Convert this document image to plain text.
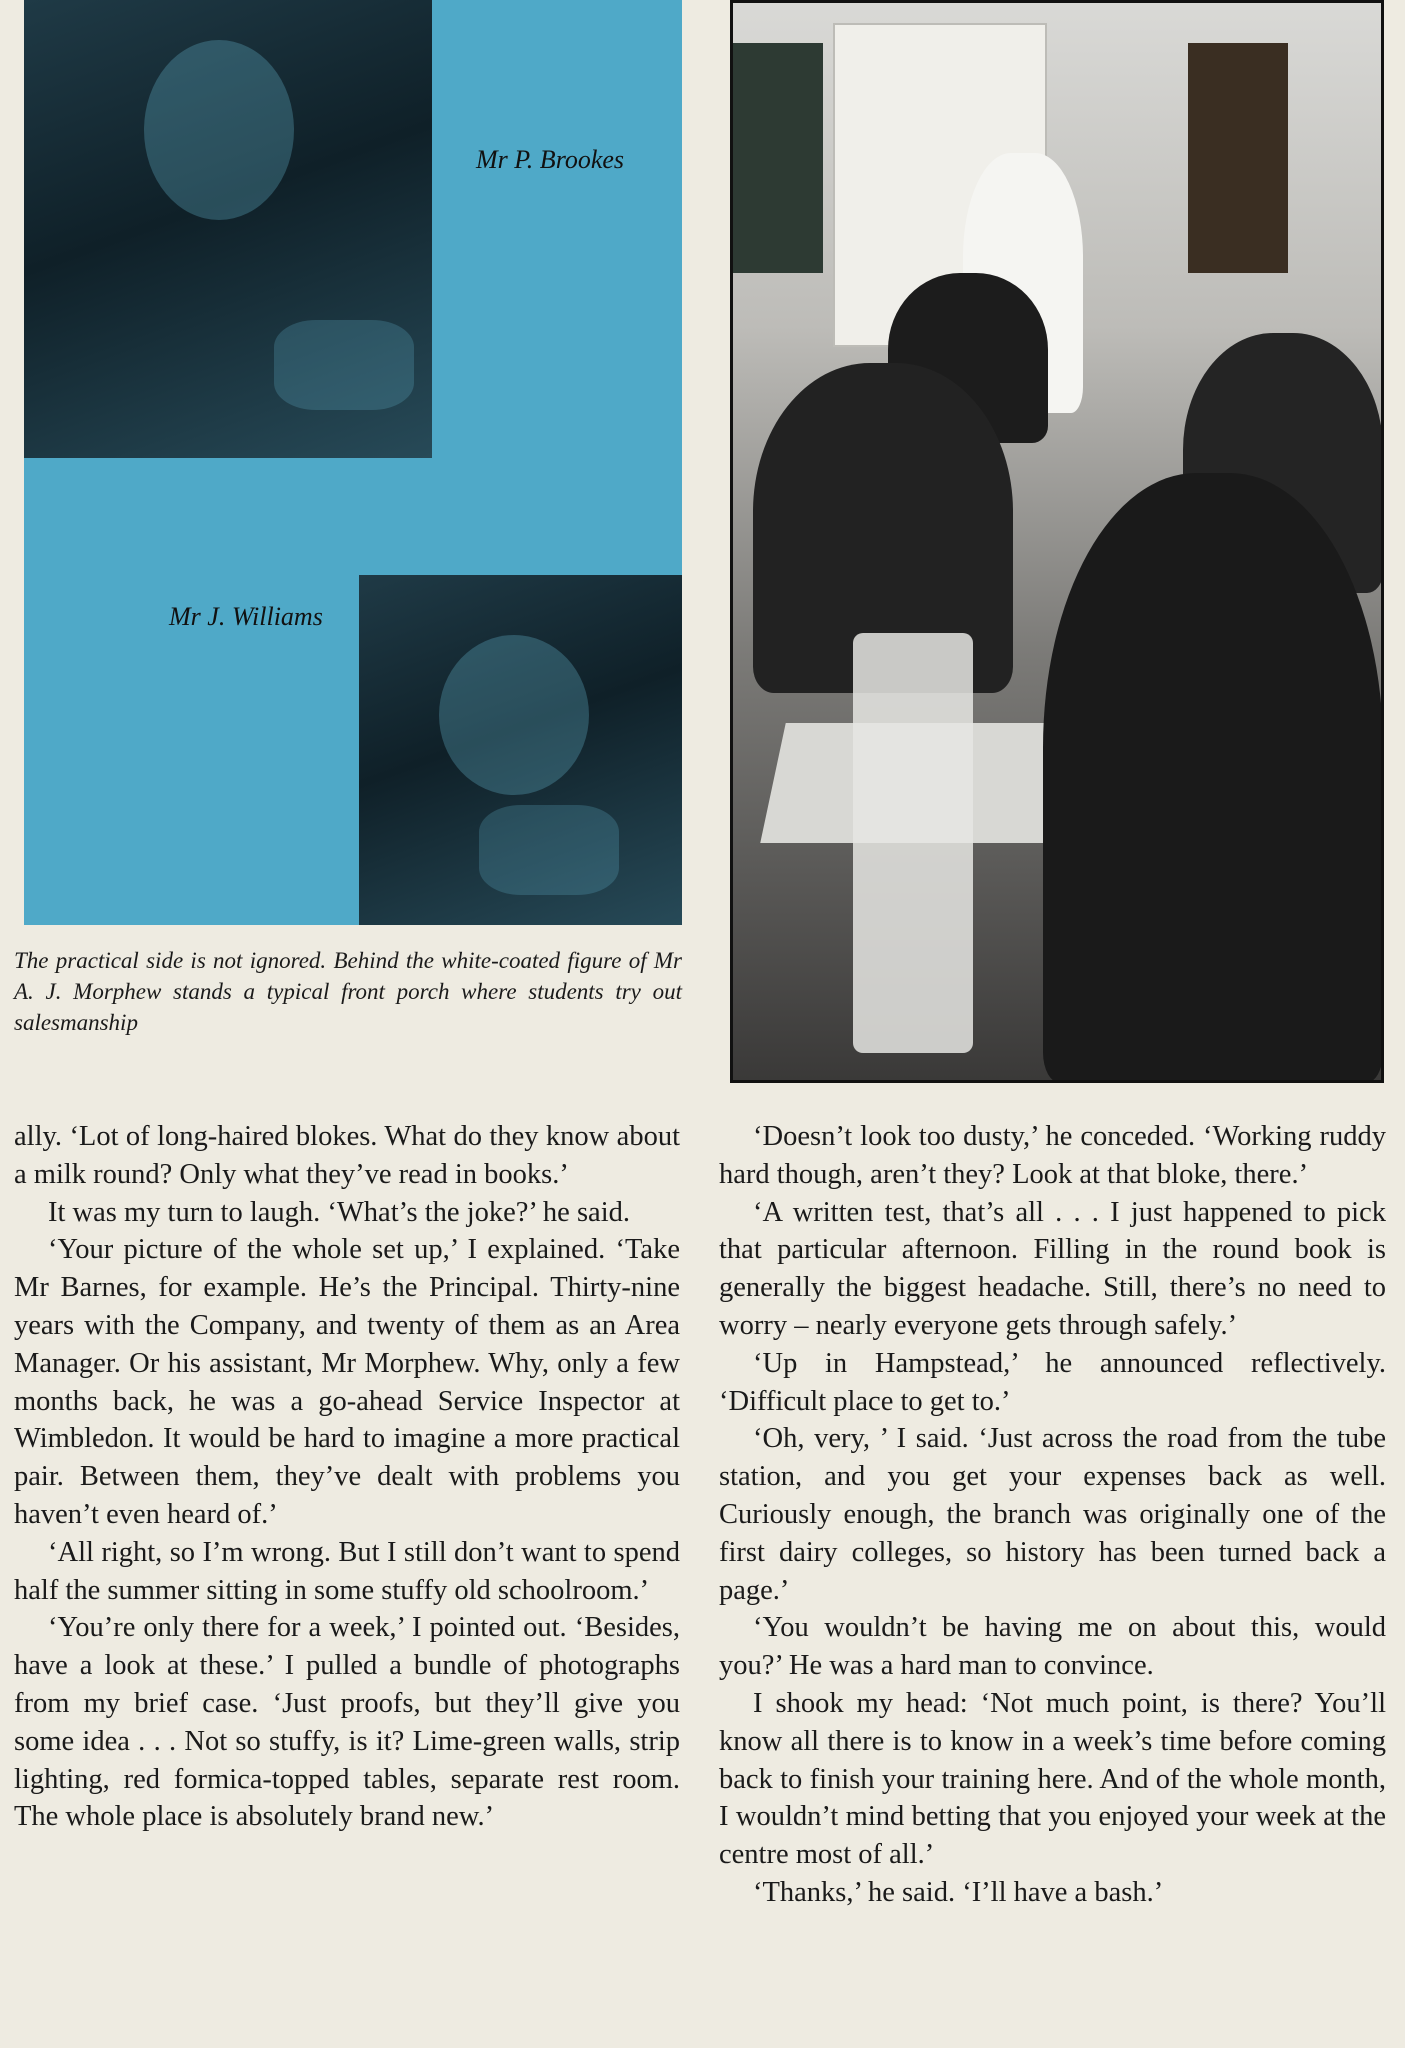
Mr P. Brookes
Mr J. Williams
The practical side is not ignored. Behind the white-coated figure of Mr A. J. Morphew stands a typical front porch where students try out salesmanship

ally. ‘Lot of long-haired blokes. What do they know about a milk round? Only what they’ve read in books.’

It was my turn to laugh. ‘What’s the joke?’ he said.

‘Your picture of the whole set up,’ I explained. ‘Take Mr Barnes, for example. He’s the Principal. Thirty-nine years with the Company, and twenty of them as an Area Manager. Or his assistant, Mr Morphew. Why, only a few months back, he was a go-ahead Service Inspector at Wimbledon. It would be hard to imagine a more practical pair. Between them, they’ve dealt with problems you haven’t even heard of.’

‘All right, so I’m wrong. But I still don’t want to spend half the summer sitting in some stuffy old schoolroom.’

‘You’re only there for a week,’ I pointed out. ‘Besides, have a look at these.’ I pulled a bundle of photographs from my brief case. ‘Just proofs, but they’ll give you some idea . . . Not so stuffy, is it? Lime-green walls, strip lighting, red formica-topped tables, separate rest room. The whole place is absolutely brand new.’

‘Doesn’t look too dusty,’ he conceded. ‘Working ruddy hard though, aren’t they? Look at that bloke, there.’

‘A written test, that’s all . . . I just happened to pick that particular afternoon. Filling in the round book is generally the biggest headache. Still, there’s no need to worry – nearly everyone gets through safely.’

‘Up in Hampstead,’ he announced reflectively. ‘Difficult place to get to.’

‘Oh, very, ’ I said. ‘Just across the road from the tube station, and you get your expenses back as well. Curiously enough, the branch was originally one of the first dairy colleges, so history has been turned back a page.’

‘You wouldn’t be having me on about this, would you?’ He was a hard man to convince.

I shook my head: ‘Not much point, is there? You’ll know all there is to know in a week’s time before coming back to finish your training here. And of the whole month, I wouldn’t mind betting that you enjoyed your week at the centre most of all.’

‘Thanks,’ he said. ‘I’ll have a bash.’
